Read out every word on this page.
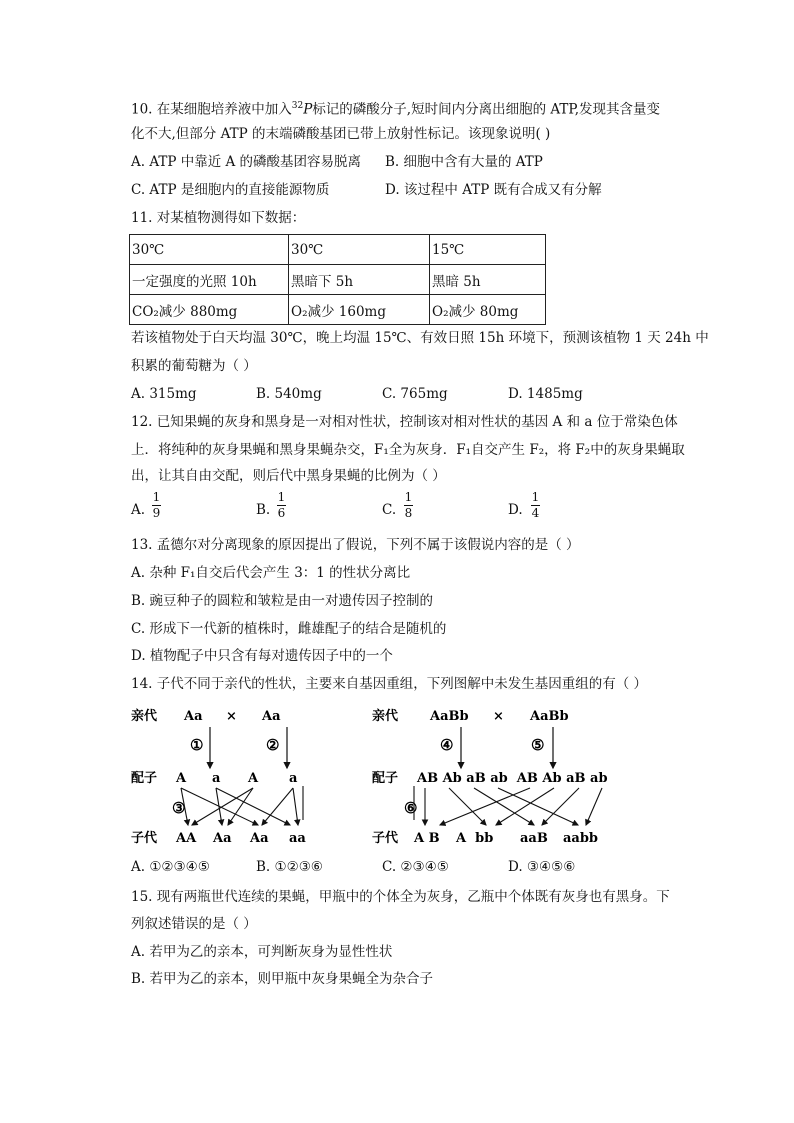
10. 在某细胞培养液中加入$^{32}$P标记的磷酸分子,短时间内分离出细胞的 ATP,发现其含量变
化不大,但部分 ATP 的末端磷酸基团已带上放射性标记。该现象说明( )
A. ATP 中靠近 A 的磷酸基团容易脱离 B. 细胞中含有大量的 ATP
C. ATP 是细胞内的直接能源物质	D. 该过程中 ATP 既有合成又有分解
11. 对某植物测得如下数据：
30℃	30℃	15℃
一定强度的光照 10h	黑暗下 5h	黑暗 5h
CO₂减少 880mg	O₂减少 160mg	O₂减少 80mg
若该植物处于白天均温 30℃，晚上均温 15℃、有效日照 15h 环境下，预测该植物 1 天 24h 中
积累的葡萄糖为（ ）
A. 315mg	B. 540mg	C. 765mg	D. 1485mg
12. 已知果蝇的灰身和黑身是一对相对性状，控制该对相对性状的基因 A 和 a 位于常染色体
上．将纯种的灰身果蝇和黑身果蝇杂交，F₁全为灰身．F₁自交产生 F₂，将 F₂中的灰身果蝇取
出，让其自由交配，则后代中黑身果蝇的比例为（ ）
A.
1
9	B.
1
6	C.
1
8	D.
1
4
13. 孟德尔对分离现象的原因提出了假说，下列不属于该假说内容的是（ ）
A. 杂种 F₁自交后代会产生 3：1 的性状分离比
B. 豌豆种子的圆粒和皱粒是由一对遗传因子控制的
C. 形成下一代新的植株时，雌雄配子的结合是随机的
D. 植物配子中只含有每对遗传因子中的一个
14. 子代不同于亲代的性状，主要来自基因重组，下列图解中未发生基因重组的有（ ）
亲代 Aa × Aa
①	②
配子 A a A a
③
子代 AA Aa Aa aa
亲代 AaBb × AaBb
④	⑤
配子 AB Ab aB ab  AB Ab aB ab
⑥
子代 A B A  bb aaB aabb
A. ①②③④⑤	B. ①②③⑥	C. ②③④⑤	D. ③④⑤⑥
15. 现有两瓶世代连续的果蝇，甲瓶中的个体全为灰身，乙瓶中个体既有灰身也有黑身。下
列叙述错误的是（ ）
A. 若甲为乙的亲本，可判断灰身为显性性状
B. 若甲为乙的亲本，则甲瓶中灰身果蝇全为杂合子
